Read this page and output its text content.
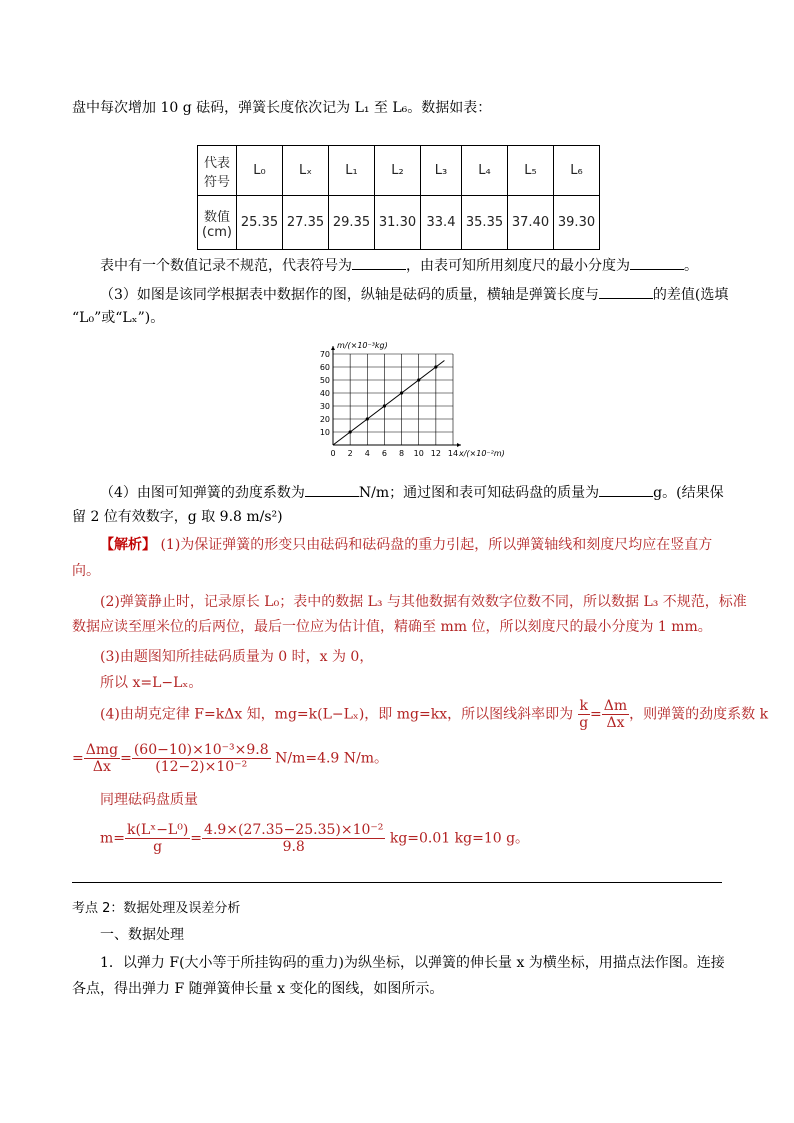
盘中每次增加 10 g 砝码，弹簧长度依次记为 L₁ 至 L₆。数据如表：
代表
符号	L₀	Lₓ	L₁	L₂	L₃	L₄	L₅	L₆
数值
(cm)	25.35	27.35	29.35	31.30	33.4	35.35	37.40	39.30
表中有一个数值记录不规范，代表符号为	，由表可知所用刻度尺的最小分度为	。
（3）如图是该同学根据表中数据作的图，纵轴是砝码的质量，横轴是弹簧长度与	的差值(选填
“L₀”或“Lₓ”)。
0 2 4 6 8 10 12 14
10
20
30
40
50
60
70
m/(×10⁻³kg)
x/(×10⁻²m)
（4）由图可知弹簧的劲度系数为	N/m；通过图和表可知砝码盘的质量为	g。(结果保
留 2 位有效数字，g 取 9.8 m/s²)
【解析】 (1)为保证弹簧的形变只由砝码和砝码盘的重力引起，所以弹簧轴线和刻度尺均应在竖直方
向。
(2)弹簧静止时，记录原长 L₀；表中的数据 L₃ 与其他数据有效数字位数不同，所以数据 L₃ 不规范，标准
数据应读至厘米位的后两位，最后一位应为估计值，精确至 mm 位，所以刻度尺的最小分度为 1 mm。
(3)由题图知所挂砝码质量为 0 时，x 为 0，
所以 x=L−Lₓ。
(4)由胡克定律 F=kΔx 知，mg=k(L−Lₓ)，即 mg=kx，所以图线斜率即为 $\frac{k}{g} = \frac{\Delta m}{\Delta x}$ ，则弹簧的劲度系数 k
= $\frac{\text{Δmg}}{\Delta x} = \frac{\text{(60−10)×10⁻³×9.8}}{\text{(12−2)×10⁻²}} N/m=4.9$ N/m。
同理砝码盘质量
$m= \frac{\text{k(Lˣ−L⁰)}}{g} = \frac{\text{4.9×(27.35−25.35)×10⁻²}}{9.8} kg=0.01$ kg=10 g。
考点 2：数据处理及误差分析
一、数据处理
1．以弹力 F(大小等于所挂钩码的重力)为纵坐标，以弹簧的伸长量 x 为横坐标，用描点法作图。连接
各点，得出弹力 F 随弹簧伸长量 x 变化的图线，如图所示。
